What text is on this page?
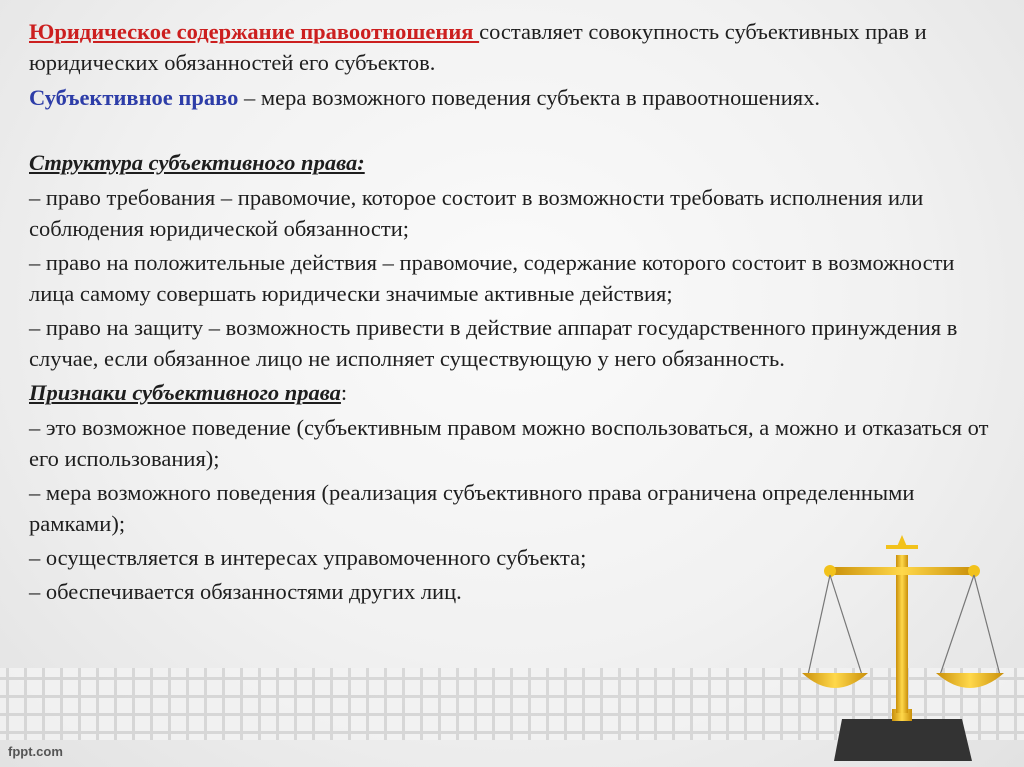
Юридическое содержание правоотношения составляет совокупность субъективных прав и юридических обязанностей его субъектов.

Субъективное право – мера возможного поведения субъекта в правоотношениях.

Структура субъективного права:

– право требования – правомочие, которое состоит в возможности требовать исполнения или соблюдения юридической обязанности;

– право на положительные действия – правомочие, содержание которого состоит в возможности лица самому совершать юридически значимые активные действия;

– право на защиту – возможность привести в действие аппарат государственного принуждения в случае, если обязанное лицо не исполняет существующую у него обязанность.

Признаки субъективного права:

– это возможное поведение (субъективным правом можно воспользоваться, а можно и отказаться от его использования);

– мера возможного поведения (реализация субъективного права ограничена определенными рамками);

– осуществляется в интересах управомоченного субъекта;

– обеспечивается обязанностями других лиц.

fppt.com
